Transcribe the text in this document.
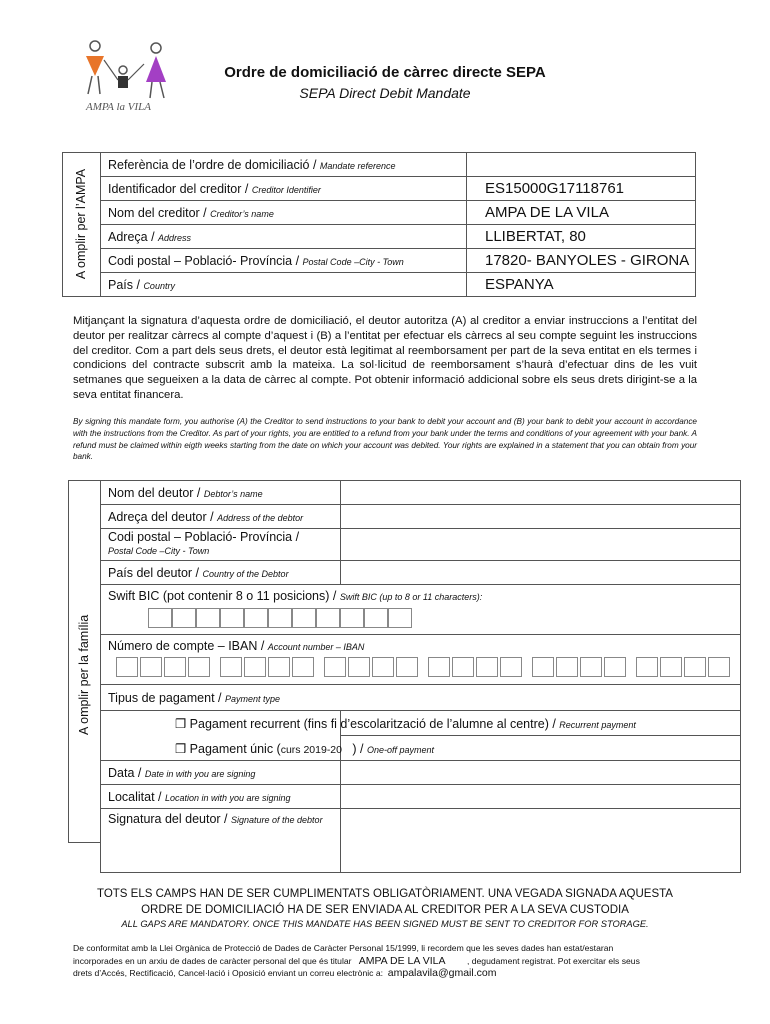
AMPA la VILA
Ordre de domiciliació de càrrec directe SEPA
SEPA Direct Debit Mandate
A omplir per l’AMPA
Referència de l’ordre de domiciliació / Mandate reference	
Identificador del creditor / Creditor Identifier	ES15000G17118761
Nom del creditor / Creditor’s name	AMPA DE LA VILA
Adreça / Address	LLIBERTAT, 80
Codi postal – Població- Província / Postal Code –City - Town	17820- BANYOLES - GIRONA
País / Country	ESPANYA
Mitjançant la signatura d’aquesta ordre de domiciliació, el deutor autoritza (A) al creditor a enviar instruccions a l’entitat del deutor per realitzar càrrecs al compte d’aquest i (B) a l’entitat per efectuar els càrrecs al seu compte seguint les instruccions del creditor. Com a part dels seus drets, el deutor està legitimat al reemborsament per part de la seva entitat en els termes i condicions del contracte subscrit amb la mateixa. La sol·licitud de reemborsament s’haurà d’efectuar dins de les vuit setmanes que segueixen a la data de càrrec al compte. Pot obtenir informació addicional sobre els seus drets dirigint-se a la seva entitat financera.
By signing this mandate form, you authorise (A) the Creditor to send instructions to your bank to debit your account and (B) your bank to debit your account in accordance with the instructions from the Creditor. As part of your rights, you are entitled to a refund from your bank under the terms and conditions of your agreement with your bank. A refund must be claimed within eigth weeks starting from the date on which your account was debited. Your rights are explained in a statement that you can obtain from your bank.
A omplir per la família
Nom del deutor / Debtor’s name	
Adreça del deutor / Address of the debtor	
Codi postal – Població- Província /
Postal Code –City - Town	
País del deutor / Country of the Debtor	

Swift BIC (pot contenir 8 o 11 posicions) / Swift BIC (up to 8 or 11 characters):	

Número de compte – IBAN / Account number – IBAN	

Tipus de pagament / Payment type	

	❒ Pagament recurrent (fins fi d’escolarització de l’alumne al centre) / Recurrent payment

	❒ Pagament únic (curs 2019-20 ) / One-off payment

Data / Date in with you are signing	
Localitat / Location in with you are signing	
Signatura del deutor / Signature of the debtor	
TOTS ELS CAMPS HAN DE SER CUMPLIMENTATS OBLIGATÒRIAMENT. UNA VEGADA SIGNADA AQUESTA ORDRE DE DOMICILIACIÓ HA DE SER ENVIADA AL CREDITOR PER A LA SEVA CUSTODIA
ALL GAPS ARE MANDATORY. ONCE THIS MANDATE HAS BEEN SIGNED MUST BE SENT TO CREDITOR FOR STORAGE.
De conformitat amb la Llei Orgànica de Protecció de Dades de Caràcter Personal 15/1999, li recordem que les seves dades han estat/estaran
incorporades en un arxiu de dades de caràcter personal del que és titular AMPA DE LA VILA	, degudament registrat. Pot exercitar els seus
drets d’Accés, Rectificació, Cancel·lació i Oposició enviant un correu electrònic a: ampalavila@gmail.com
